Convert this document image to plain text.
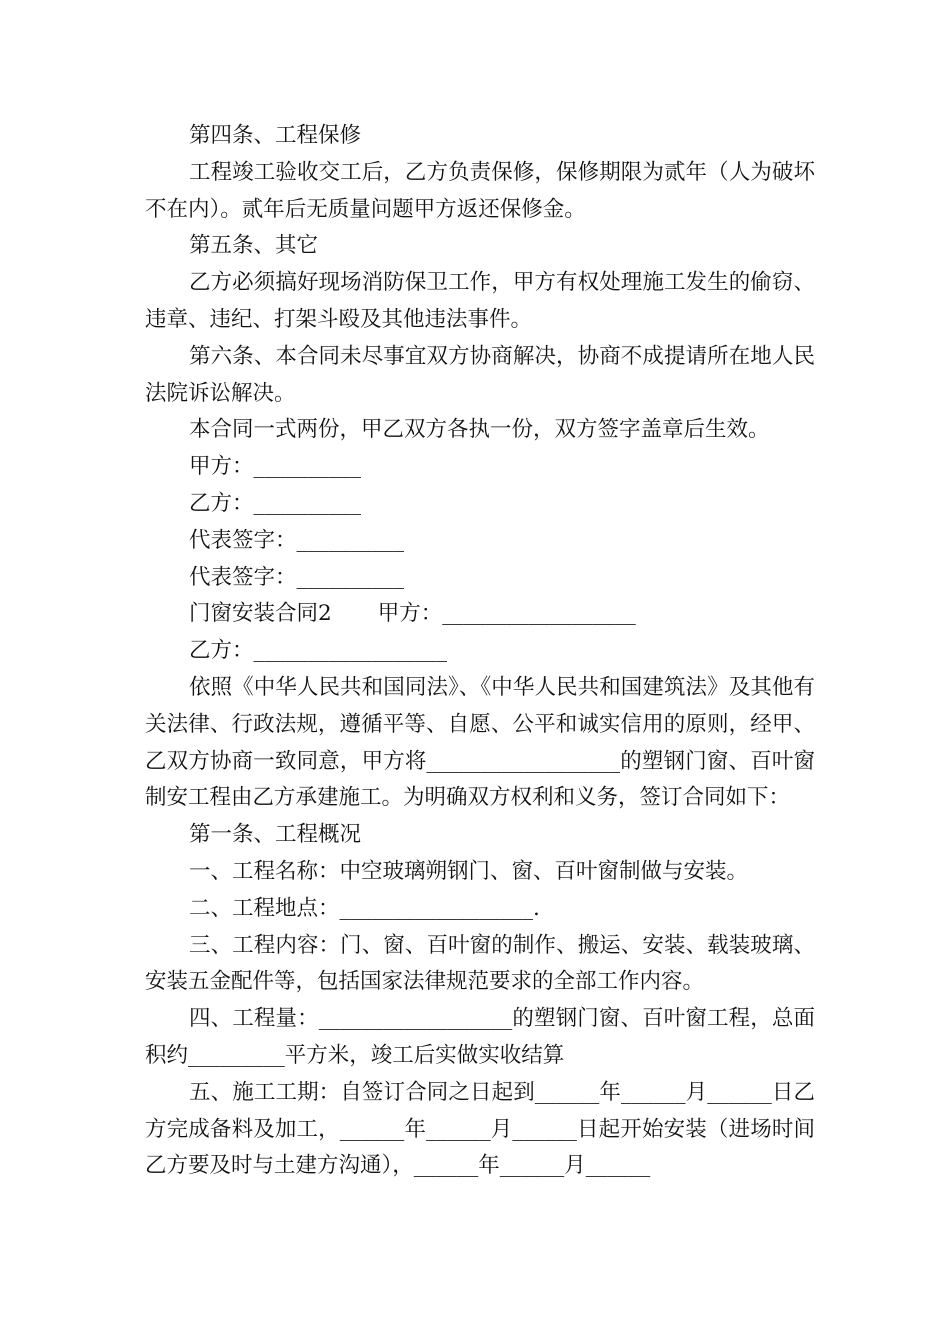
第四条、工程保修

工程竣工验收交工后，乙方负责保修，保修期限为贰年（人为破坏不在内）。贰年后无质量问题甲方返还保修金。

第五条、其它

乙方必须搞好现场消防保卫工作，甲方有权处理施工发生的偷窃、违章、违纪、打架斗殴及其他违法事件。

第六条、本合同未尽事宜双方协商解决，协商不成提请所在地人民法院诉讼解决。

本合同一式两份，甲乙双方各执一份，双方签字盖章后生效。

甲方：__________

乙方：__________

代表签字：__________

代表签字：__________

门窗安装合同2 甲方：__________________

乙方：__________________

依照《中华人民共和国同法》、《中华人民共和国建筑法》及其他有关法律、行政法规，遵循平等、自愿、公平和诚实信用的原则，经甲、乙双方协商一致同意，甲方将__________________的塑钢门窗、百叶窗制安工程由乙方承建施工。为明确双方权利和义务，签订合同如下：

第一条、工程概况

一、工程名称：中空玻璃朔钢门、窗、百叶窗制做与安装。

二、工程地点：__________________.

三、工程内容：门、窗、百叶窗的制作、搬运、安装、载装玻璃、安装五金配件等，包括国家法律规范要求的全部工作内容。

四、工程量：__________________的塑钢门窗、百叶窗工程，总面积约_________平方米，竣工后实做实收结算

五、施工工期：自签订合同之日起到______年______月______日乙方完成备料及加工，______年______月______日起开始安装（进场时间乙方要及时与土建方沟通），______年______月______
